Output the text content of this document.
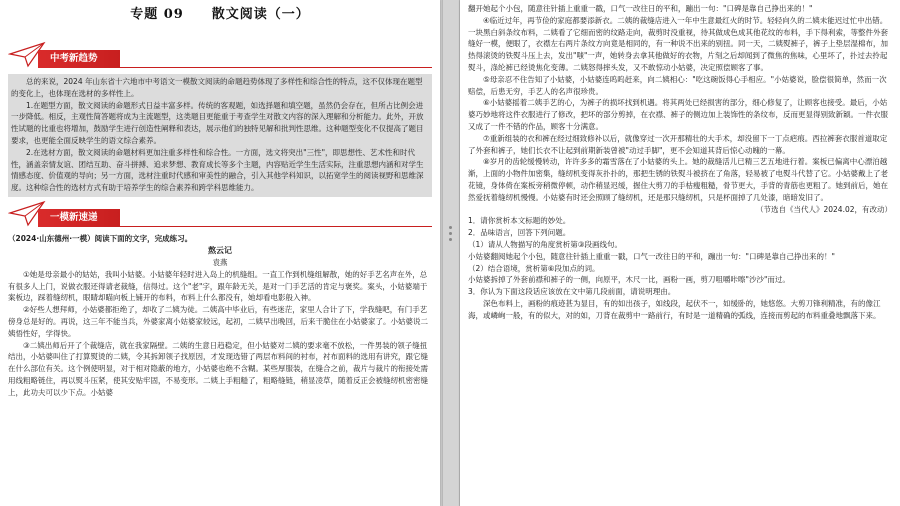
专题 09　　散文阅读（一）
中考新趋势

总的来说，2024 年山东省十六地市中考语文一模散文阅读的命题趋势体现了多样性和综合性的特点，这不仅体现在题型的变化上，也体现在选材的多样性上。

1.在题型方面，散文阅读的命题形式日益丰富多样。传统的客观题，如选择题和填空题，虽然仍会存在，但所占比例会进一步降低。相反，主观性简答题将成为主流题型，这类题目更能重于考查学生对散文内容的深入理解和分析能力。此外，开放性试题的比重也将增加，鼓励学生进行创造性阐释和表达，展示他们的独特见解和批判性思维。这种题型变化不仅提高了题目要求，也更能全面反映学生的语文综合素养。

2.在选材方面，散文阅读的命题材料更加注重多样性和综合性。一方面，选文将突出"三性"，即思想性、艺术性和时代性，涵盖亲情友谊、团结互助、奋斗拼搏、追求梦想、教育成长等多个主题，内容贴近学生生活实际，注重思想内涵和对学生情感态度、价值观的导向；另一方面，选材注重时代感和审美性的融合，引入其他学科知识，以拓宽学生的阅读视野和思维深度。这种综合性的选材方式有助于培养学生的综合素养和跨学科思维能力。

一模新速递
（2024·山东德州·一模）阅读下面的文字，完成练习。
熬云记
袁燕

①她是母亲最小的姑姑，我叫小姑婆。小姑婆年轻时进入岛上的机缝组。一直工作到机缝组解散，她的好手艺名声在外，总有很多人上门，说做衣服还得请老裁缝，信得过。这个"老"字，跟年龄无关，是对一门手艺活的肯定与褒奖。案头，小姑婆端于案板边，踩着缝纫机，眼睛却瞄向板上铺开的布料，布料上什么都没有，她却看电影般入神。

②好些人想拜师，小姑婆都拒绝了，却收了二姨为徒。二姨高中毕业后，有些迷茫，家里人合计了下，学我缝吧，有门手艺傍身总是好的。再说，这三年不能当兵，外婆家离小姑婆家较远，起初，二姨早出晚回，后来干脆住在小姑婆家了。小姑婆说二姨悟性好，学得快。

③二姨出师后开了个裁缝店，就在我家隔壁。二姨的生意日趋稳定，但小姑婆对二姨的要求毫不放松，一件男装的领子缝扭结出，小姑婆叫住了打算熨烫的二姨，令其拆卸领子找原因，才发现选错了两层布料间的衬布，衬布面料的选用有讲究，跟它缝在什么部位有关。这个例使明显，对于相对隐蔽的地方，小姑婆也绝不含糊。某些厚服装，在缝合之前，裁片与裁片的衔接处需用线粗略链住，再以熨斗压紧，使其安贴牢固，不易变形。二姨上手粗糙了，粗略缝链，稍显凌草，随着反正会被缝纫机密密缝上，此功夫可以少下点。小姑婆

翻开她起个小包，随意往针插上重重一戳，口气一改往日的平和，蹦出一句："口碑是靠自己挣出来的！"

④临近过年，再节俭的家庭都要添新衣。二姨的裁缝店进入一年中生意最红火的时节。轻轻向久的二姨未能迟过忙中出错。一块黑白斜条纹布料，二姨看了它细而密的纹路走向，裁剪时没重视，待其做成色成其他花纹的布料，手下得利索，等整件外套缝好一模，便眼了，衣襟左右两片条纹方向竟是相同的，有一种说不出来的别扭。同一天，二姨熨裤子，裤子上垫层湿棉布，加热得滚烫的铁熨斗压上去，发出"嗤"一声，她转身去拿其他做好的衣物，片刻之后却闻到了微焦的焦味，心里坏了，扑过去拎起熨斗，涤纶裤已经烫焦化变薄。二姨怒得摔头发，又不敢惊动小姑婆，决定照偿顾客了事。

⑤母亲忍不住告知了小姑婆，小姑婆连呜呜赶来，向二姨相心："吃这碗饭得心手相应。"小姑婆说，脸偿很简单，然而一次赔偿，后患无穷，手艺人的名声很珍贵。

⑥小姑婆摇着二姨手艺的心，为裤子的损坏找到机遇。将其两处已经损害的部分，细心修复了，让顾客也接受。最后，小姑婆巧妙地将这件衣服进行了修改，把坏的部分剪掉，在衣襟、裤子的侧边加上装饰性的条纹布，反而更显得别致新颖。一件衣服又成了一件不错的作品，顾客十分满意。

⑦重新组装的衣和裤在经过细致修补以后，就像穿过一次开那精壮的大手术，却没留下一丁点疤痕。西拉裤套衣服首道取定了外套和裤子，她们长衣不让起到前期新装曾被"动过手脚"，更不会知道其背后惊心动魄的一幕。

⑧岁月的齿轮缓慢转动，许许多多的霜雪落在了小姑婆的头上。她的裁缝活儿已精三艺五地进行着。案板已偏离中心漂泊越渐，上面的小物件加密集，缝纫机变得灰扑扑的，那把生锈的铁熨斗被挤在了角落，轻易被了电熨斗代替了它。小姑婆戴上了老花镜，身体倚在案板旁稍微停顿，动作稍显迟缓，握住大剪刀的手枯瘦粗糙，骨节更大，手背的青筋也更粗了。她到前后，她在然爱抚着缝纫机慢慢。小姑婆有时还会照顾了缝纫机，还是那只缝纫机，只是杯面掉了几处漆，暗暗发旧了。

（节选自《当代人》2024.02，有改动）
1．请你赏析本文标题的妙处。
2．品味语言，回答下列问题。
（1）请从人物描写的角度赏析第③段画线句。
小姑婆翻阅她起个小包，随意往针插上重重一戳，口气一改往日的平和，蹦出一句："口碑是靠自己挣出来的！"
（2）结合语境，赏析第⑥段加点的词。
小姑婆拆掉了外套前襟和裤子的一侧，向原平，木尺一比，画粉一画，剪刀咀嚼咔嚓"沙沙"而过。
3．你认为下面这段话应该放在文中第几段前面，请说明理由。

深色布料上，画粉的痕迹甚为显目，有的如出孩子，如线段，起伏不一，如缓卧的，她悠悠。大剪刀锋利精准，有的像江海，或嶙峋一般，有的似大，对的如，刀背在裁剪中一路前行，有时是一道精确的弧线，连接而剪起的布料重叠地飘落下来。
